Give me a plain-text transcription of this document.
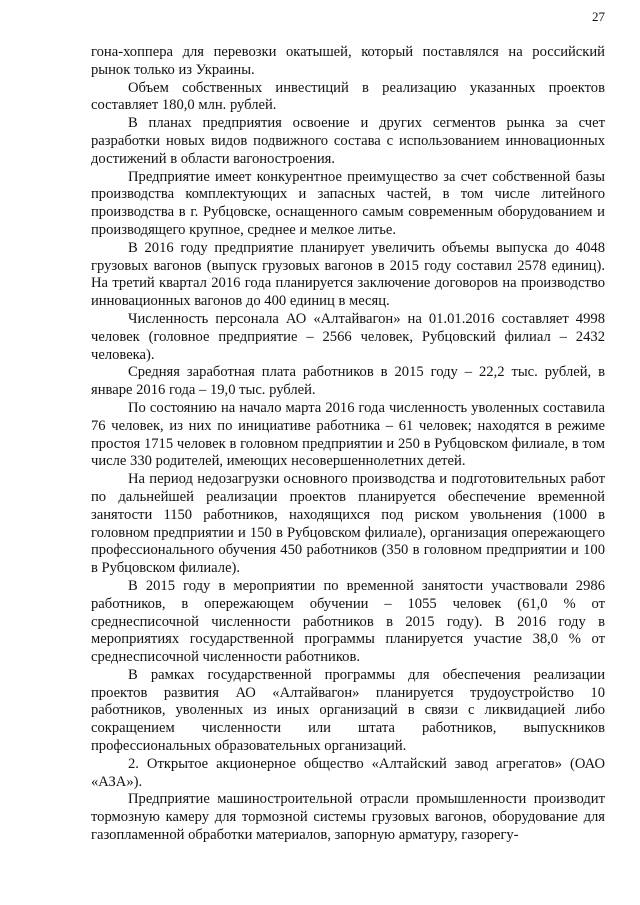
27

гона-хоппера для перевозки окатышей, который поставлялся на российский рынок только из Украины.

Объем собственных инвестиций в реализацию указанных проектов составляет 180,0 млн. рублей.

В планах предприятия освоение и других сегментов рынка за счет разработки новых видов подвижного состава с использованием инновационных достижений в области вагоностроения.

Предприятие имеет конкурентное преимущество за счет собственной базы производства комплектующих и запасных частей, в том числе литейного производства в г. Рубцовске, оснащенного самым современным оборудованием и производящего крупное, среднее и мелкое литье.

В 2016 году предприятие планирует увеличить объемы выпуска до 4048 грузовых вагонов (выпуск грузовых вагонов в 2015 году составил 2578 единиц). На третий квартал 2016 года планируется заключение договоров на производство инновационных вагонов до 400 единиц в месяц.

Численность персонала АО «Алтайвагон» на 01.01.2016 составляет 4998 человек (головное предприятие – 2566 человек, Рубцовский филиал – 2432 человека).

Средняя заработная плата работников в 2015 году – 22,2 тыс. рублей, в январе 2016 года – 19,0 тыс. рублей.

По состоянию на начало марта 2016 года численность уволенных составила 76 человек, из них по инициативе работника – 61 человек; находятся в режиме простоя 1715 человек в головном предприятии и 250 в Рубцовском филиале, в том числе 330 родителей, имеющих несовершеннолетних детей.

На период недозагрузки основного производства и подготовительных работ по дальнейшей реализации проектов планируется обеспечение временной занятости 1150 работников, находящихся под риском увольнения (1000 в головном предприятии и 150 в Рубцовском филиале), организация опережающего профессионального обучения 450 работников (350 в головном предприятии и 100 в Рубцовском филиале).

В 2015 году в мероприятии по временной занятости участвовали 2986 работников, в опережающем обучении – 1055 человек (61,0 % от среднесписочной численности работников в 2015 году). В 2016 году в мероприятиях государственной программы планируется участие 38,0 % от среднесписочной численности работников.

В рамках государственной программы для обеспечения реализации проектов развития АО «Алтайвагон» планируется трудоустройство 10 работников, уволенных из иных организаций в связи с ликвидацией либо сокращением численности или штата работников, выпускников профессиональных образовательных организаций.

2. Открытое акционерное общество «Алтайский завод агрегатов» (ОАО «АЗА»).

Предприятие машиностроительной отрасли промышленности производит тормозную камеру для тормозной системы грузовых вагонов, оборудование для газопламенной обработки материалов, запорную арматуру, газорегу-
